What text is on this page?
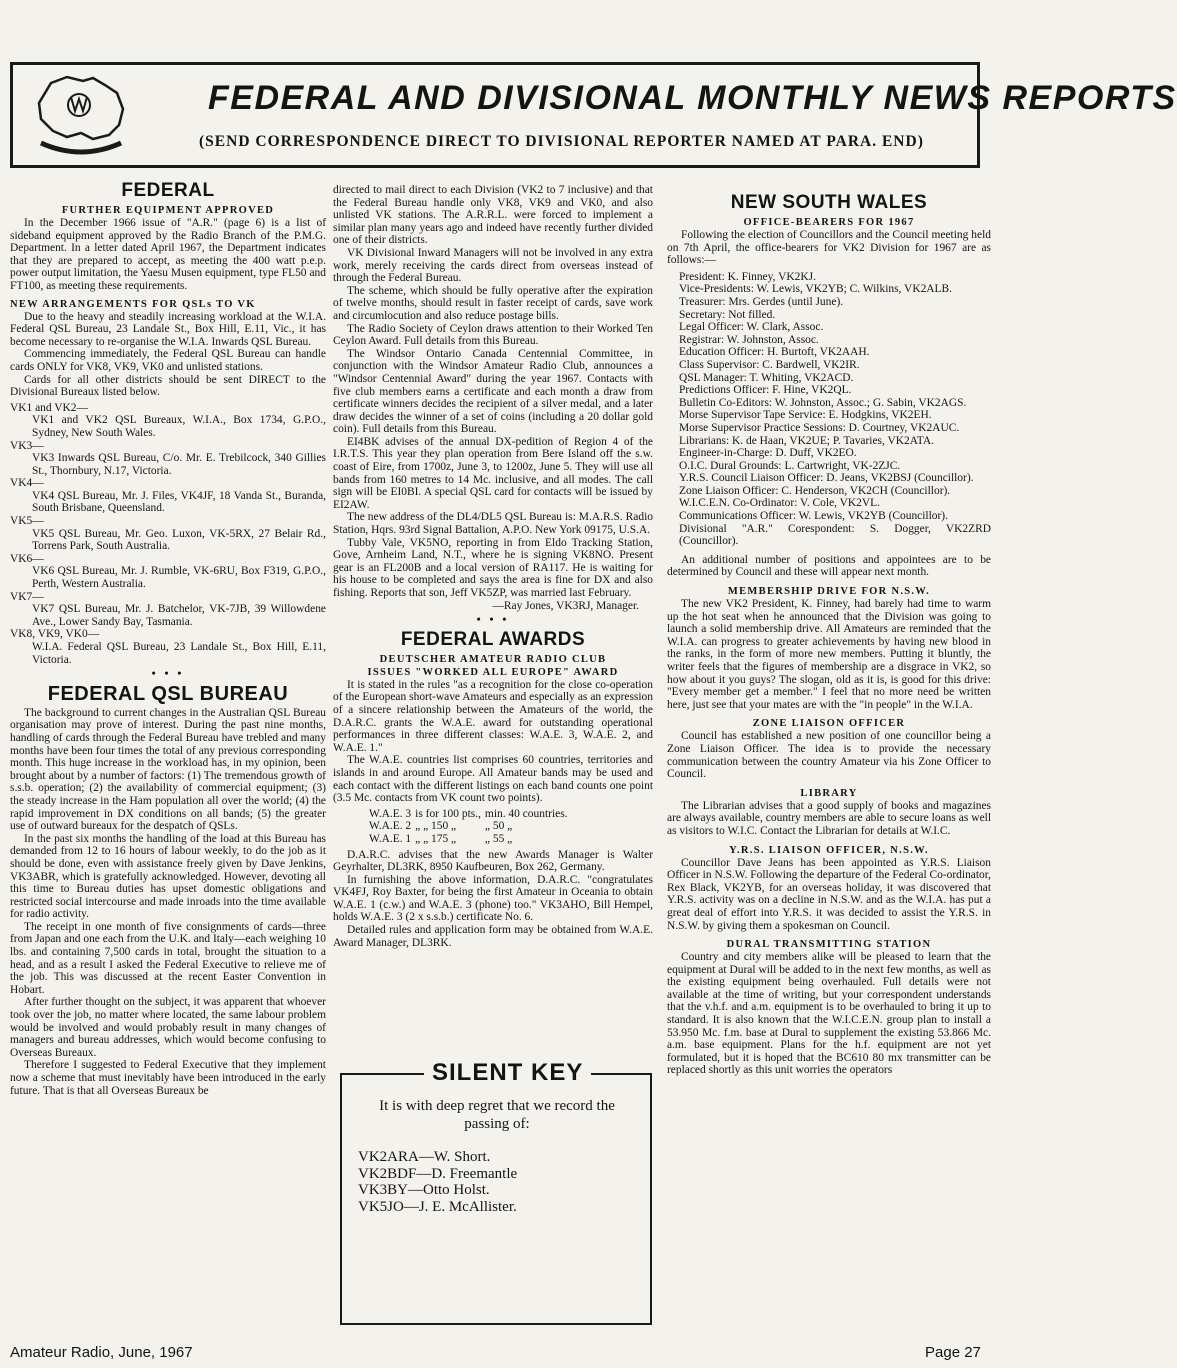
FEDERAL AND DIVISIONAL MONTHLY NEWS REPORTS
(SEND CORRESPONDENCE DIRECT TO DIVISIONAL REPORTER NAMED AT PARA. END)
FEDERAL
FURTHER EQUIPMENT APPROVED

In the December 1966 issue of "A.R." (page 6) is a list of sideband equipment approved by the Radio Branch of the P.M.G. Department. In a letter dated April 1967, the Department indicates that they are prepared to accept, as meeting the 400 watt p.e.p. power output limitation, the Yaesu Musen equipment, type FL50 and FT100, as meeting these requirements.

NEW ARRANGEMENTS FOR QSLs TO VK

Due to the heavy and steadily increasing workload at the W.I.A. Federal QSL Bureau, 23 Landale St., Box Hill, E.11, Vic., it has become necessary to re-organise the W.I.A. Inwards QSL Bureau.

Commencing immediately, the Federal QSL Bureau can handle cards ONLY for VK8, VK9, VK0 and unlisted stations.

Cards for all other districts should be sent DIRECT to the Divisional Bureaux listed below.

VK1 and VK2—

VK1 and VK2 QSL Bureaux, W.I.A., Box 1734, G.P.O., Sydney, New South Wales.

VK3—

VK3 Inwards QSL Bureau, C/o. Mr. E. Trebilcock, 340 Gillies St., Thornbury, N.17, Victoria.

VK4—

VK4 QSL Bureau, Mr. J. Files, VK4JF, 18 Vanda St., Buranda, South Brisbane, Queensland.

VK5—

VK5 QSL Bureau, Mr. Geo. Luxon, VK-5RX, 27 Belair Rd., Torrens Park, South Australia.

VK6—

VK6 QSL Bureau, Mr. J. Rumble, VK-6RU, Box F319, G.P.O., Perth, Western Australia.

VK7—

VK7 QSL Bureau, Mr. J. Batchelor, VK-7JB, 39 Willowdene Ave., Lower Sandy Bay, Tasmania.

VK8, VK9, VK0—

W.I.A. Federal QSL Bureau, 23 Landale St., Box Hill, E.11, Victoria.

• • •
FEDERAL QSL BUREAU

The background to current changes in the Australian QSL Bureau organisation may prove of interest. During the past nine months, handling of cards through the Federal Bureau have trebled and many months have been four times the total of any previous corresponding month. This huge increase in the workload has, in my opinion, been brought about by a number of factors: (1) The tremendous growth of s.s.b. operation; (2) the availability of commercial equipment; (3) the steady increase in the Ham population all over the world; (4) the rapid improvement in DX conditions on all bands; (5) the greater use of outward bureaux for the despatch of QSLs.

In the past six months the handling of the load at this Bureau has demanded from 12 to 16 hours of labour weekly, to do the job as it should be done, even with assistance freely given by Dave Jenkins, VK3ABR, which is gratefully acknowledged. However, devoting all this time to Bureau duties has upset domestic obligations and restricted social intercourse and made inroads into the time available for radio activity.

The receipt in one month of five consignments of cards—three from Japan and one each from the U.K. and Italy—each weighing 10 lbs. and containing 7,500 cards in total, brought the situation to a head, and as a result I asked the Federal Executive to relieve me of the job. This was discussed at the recent Easter Convention in Hobart.

After further thought on the subject, it was apparent that whoever took over the job, no matter where located, the same labour problem would be involved and would probably result in many changes of managers and bureau addresses, which would become confusing to Overseas Bureaux.

Therefore I suggested to Federal Executive that they implement now a scheme that must inevitably have been introduced in the early future. That is that all Overseas Bureaux be

directed to mail direct to each Division (VK2 to 7 inclusive) and that the Federal Bureau handle only VK8, VK9 and VK0, and also unlisted VK stations. The A.R.R.L. were forced to implement a similar plan many years ago and indeed have recently further divided one of their districts.

VK Divisional Inward Managers will not be involved in any extra work, merely receiving the cards direct from overseas instead of through the Federal Bureau.

The scheme, which should be fully operative after the expiration of twelve months, should result in faster receipt of cards, save work and circumlocution and also reduce postage bills.

The Radio Society of Ceylon draws attention to their Worked Ten Ceylon Award. Full details from this Bureau.

The Windsor Ontario Canada Centennial Committee, in conjunction with the Windsor Amateur Radio Club, announces a "Windsor Centennial Award" during the year 1967. Contacts with five club members earns a certificate and each month a draw from certificate winners decides the recipient of a silver medal, and a later draw decides the winner of a set of coins (including a 20 dollar gold coin). Full details from this Bureau.

EI4BK advises of the annual DX-pedition of Region 4 of the I.R.T.S. This year they plan operation from Bere Island off the s.w. coast of Eire, from 1700z, June 3, to 1200z, June 5. They will use all bands from 160 metres to 14 Mc. inclusive, and all modes. The call sign will be EI0BI. A special QSL card for contacts will be issued by EI2AW.

The new address of the DL4/DL5 QSL Bureau is: M.A.R.S. Radio Station, Hqrs. 93rd Signal Battalion, A.P.O. New York 09175, U.S.A.

Tubby Vale, VK5NO, reporting in from Eldo Tracking Station, Gove, Arnheim Land, N.T., where he is signing VK8NO. Present gear is an FL200B and a local version of RA117. He is waiting for his house to be completed and says the area is fine for DX and also fishing. Reports that son, Jeff VK5ZP, was married last February.

—Ray Jones, VK3RJ, Manager.

• • •
FEDERAL AWARDS
DEUTSCHER AMATEUR RADIO CLUB
ISSUES "WORKED ALL EUROPE" AWARD

It is stated in the rules "as a recognition for the close co-operation of the European short-wave Amateurs and especially as an expression of a sincere relationship between the Amateurs of the world, the D.A.R.C. grants the W.A.E. award for outstanding operational performances in three different classes: W.A.E. 3, W.A.E. 2, and W.A.E. 1."

The W.A.E. countries list comprises 60 countries, territories and islands in and around Europe. All Amateur bands may be used and each contact with the different listings on each band counts one point (3.5 Mc. contacts from VK count two points).

W.A.E. 3	is for 100 pts.,	min. 40 countries.
W.A.E. 2	„ „ 150 „	„ 50 „
W.A.E. 1	„ „ 175 „	„ 55 „

D.A.R.C. advises that the new Awards Manager is Walter Geyrhalter, DL3RK, 8950 Kaufbeuren, Box 262, Germany.

In furnishing the above information, D.A.R.C. "congratulates VK4FJ, Roy Baxter, for being the first Amateur in Oceania to obtain W.A.E. 1 (c.w.) and W.A.E. 3 (phone) too." VK3AHO, Bill Hempel, holds W.A.E. 3 (2 x s.s.b.) certificate No. 6.

Detailed rules and application form may be obtained from W.A.E. Award Manager, DL3RK.

SILENT KEY
It is with deep regret that we record the passing of:
VK2ARA—W. Short.
VK2BDF—D. Freemantle
VK3BY—Otto Holst.
VK5JO—J. E. McAllister.
NEW SOUTH WALES
OFFICE-BEARERS FOR 1967

Following the election of Councillors and the Council meeting held on 7th April, the office-bearers for VK2 Division for 1967 are as follows:—

President: K. Finney, VK2KJ.

Vice-Presidents: W. Lewis, VK2YB; C. Wilkins, VK2ALB.

Treasurer: Mrs. Gerdes (until June).

Secretary: Not filled.

Legal Officer: W. Clark, Assoc.

Registrar: W. Johnston, Assoc.

Education Officer: H. Burtoft, VK2AAH.

Class Supervisor: C. Bardwell, VK2IR.

QSL Manager: T. Whiting, VK2ACD.

Predictions Officer: F. Hine, VK2QL.

Bulletin Co-Editors: W. Johnston, Assoc.; G. Sabin, VK2AGS.

Morse Supervisor Tape Service: E. Hodgkins, VK2EH.

Morse Supervisor Practice Sessions: D. Courtney, VK2AUC.

Librarians: K. de Haan, VK2UE; P. Tavaries, VK2ATA.

Engineer-in-Charge: D. Duff, VK2EO.

O.I.C. Dural Grounds: L. Cartwright, VK-2ZJC.

Y.R.S. Council Liaison Officer: D. Jeans, VK2BSJ (Councillor).

Zone Liaison Officer: C. Henderson, VK2CH (Councillor).

W.I.C.E.N. Co-Ordinator: V. Cole, VK2VL.

Communications Officer: W. Lewis, VK2YB (Councillor).

Divisional "A.R." Corespondent: S. Dogger, VK2ZRD (Councillor).

An additional number of positions and appointees are to be determined by Council and these will appear next month.

MEMBERSHIP DRIVE FOR N.S.W.

The new VK2 President, K. Finney, had barely had time to warm up the hot seat when he announced that the Division was going to launch a solid membership drive. All Amateurs are reminded that the W.I.A. can progress to greater achievements by having new blood in the ranks, in the form of more new members. Putting it bluntly, the writer feels that the figures of membership are a disgrace in VK2, so how about it you guys? The slogan, old as it is, is good for this drive: "Every member get a member." I feel that no more need be written here, just see that your mates are with the "in people" in the W.I.A.

ZONE LIAISON OFFICER

Council has established a new position of one councillor being a Zone Liaison Officer. The idea is to provide the necessary communication between the country Amateur via his Zone Officer to Council.

LIBRARY

The Librarian advises that a good supply of books and magazines are always available, country members are able to secure loans as well as visitors to W.I.C. Contact the Librarian for details at W.I.C.

Y.R.S. LIAISON OFFICER, N.S.W.

Councillor Dave Jeans has been appointed as Y.R.S. Liaison Officer in N.S.W. Following the departure of the Federal Co-ordinator, Rex Black, VK2YB, for an overseas holiday, it was discovered that Y.R.S. activity was on a decline in N.S.W. and as the W.I.A. has put a great deal of effort into Y.R.S. it was decided to assist the Y.R.S. in N.S.W. by giving them a spokesman on Council.

DURAL TRANSMITTING STATION

Country and city members alike will be pleased to learn that the equipment at Dural will be added to in the next few months, as well as the existing equipment being overhauled. Full details were not available at the time of writing, but your correspondent understands that the v.h.f. and a.m. equipment is to be overhauled to bring it up to standard. It is also known that the W.I.C.E.N. group plan to install a 53.950 Mc. f.m. base at Dural to supplement the existing 53.866 Mc. a.m. base equipment. Plans for the h.f. equipment are not yet formulated, but it is hoped that the BC610 80 mx transmitter can be replaced shortly as this unit worries the operators

Amateur Radio, June, 1967	Page 27
